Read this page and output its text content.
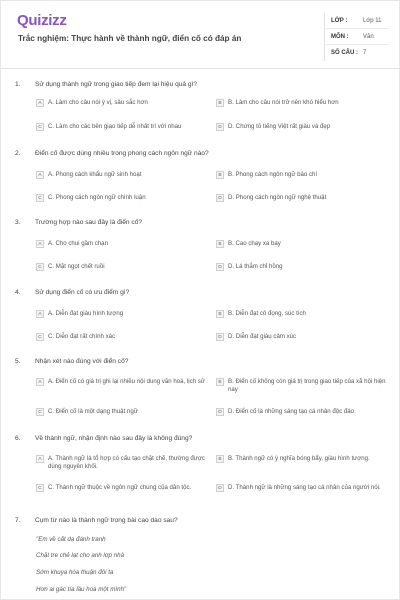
Quizizz
Trắc nghiệm: Thực hành về thành ngữ, điển cố có đáp án
LỚP :	Lớp 11
MÔN :	Văn
SỐ CÂU : 7
1. Sử dụng thành ngữ trong giao tiếp đem lại hiệu quả gì?
A	A. Làm cho câu nói ý vị, sâu sắc hơn	B	B. Làm cho câu nói trở nên khó hiểu hơn
C	C. Làm cho các bên giao tiếp dễ nhất trí với nhau	D	D. Chứng tỏ tiếng Việt rất giàu và đẹp
2. Điển cố được dùng nhiều trong phong cách ngôn ngữ nào?
A	A. Phong cách khẩu ngữ sinh hoạt	B	B. Phong cách ngôn ngữ báo chí
C	C. Phong cách ngôn ngữ chính luận	D	D. Phong cách ngôn ngữ nghệ thuật
3. Trường hợp nào sau đây là điển cố?
A	A. Cho chui gầm chạn	B	B. Cao chạy xa bay
C	C. Mặt ngọt chết ruồi	D	D. Lá thắm chỉ hồng
4. Sử dụng điển cố có ưu điểm gì?
A	A. Diễn đạt giàu hình tượng	B	B. Diễn đạt cô đọng, súc tích
C	C. Diễn đạt rất chính xác	D	D. Diễn đạt giàu cảm xúc
5. Nhận xét nào đúng với điển cố?
A	A. Điển cố có giá trị ghi lại nhiều nội dung văn hoá, lịch sử	B	B. Điển cố không còn giá trị trong giao tiếp của xã hội hiện nay
C	C. Điển cố là một dạng thuật ngữ	D	D. Điển cố là những sáng tạo cá nhân độc đáo
6. Về thành ngữ, nhận định nào sau đây là không đúng?
A	A. Thành ngữ là tổ hợp có cấu tạo chặt chẽ, thường được dùng nguyên khối.
B	B. Thành ngữ có ý nghĩa bóng bẩy, giàu hình tượng.
C	C. Thành ngữ thuộc về ngôn ngữ chung của dân tộc.	D	D. Thành ngữ là những sáng tạo cá nhân của người nói.
7. Cụm từ nào là thành ngữ trong bài cao dao sau?
"Em về cất dạ đánh tranh
Chặt tre chẻ lạt cho anh lợp nhà
Sớm khuya hòa thuận đôi ta
Hơn ai gác tía lầu hoa một mình"
